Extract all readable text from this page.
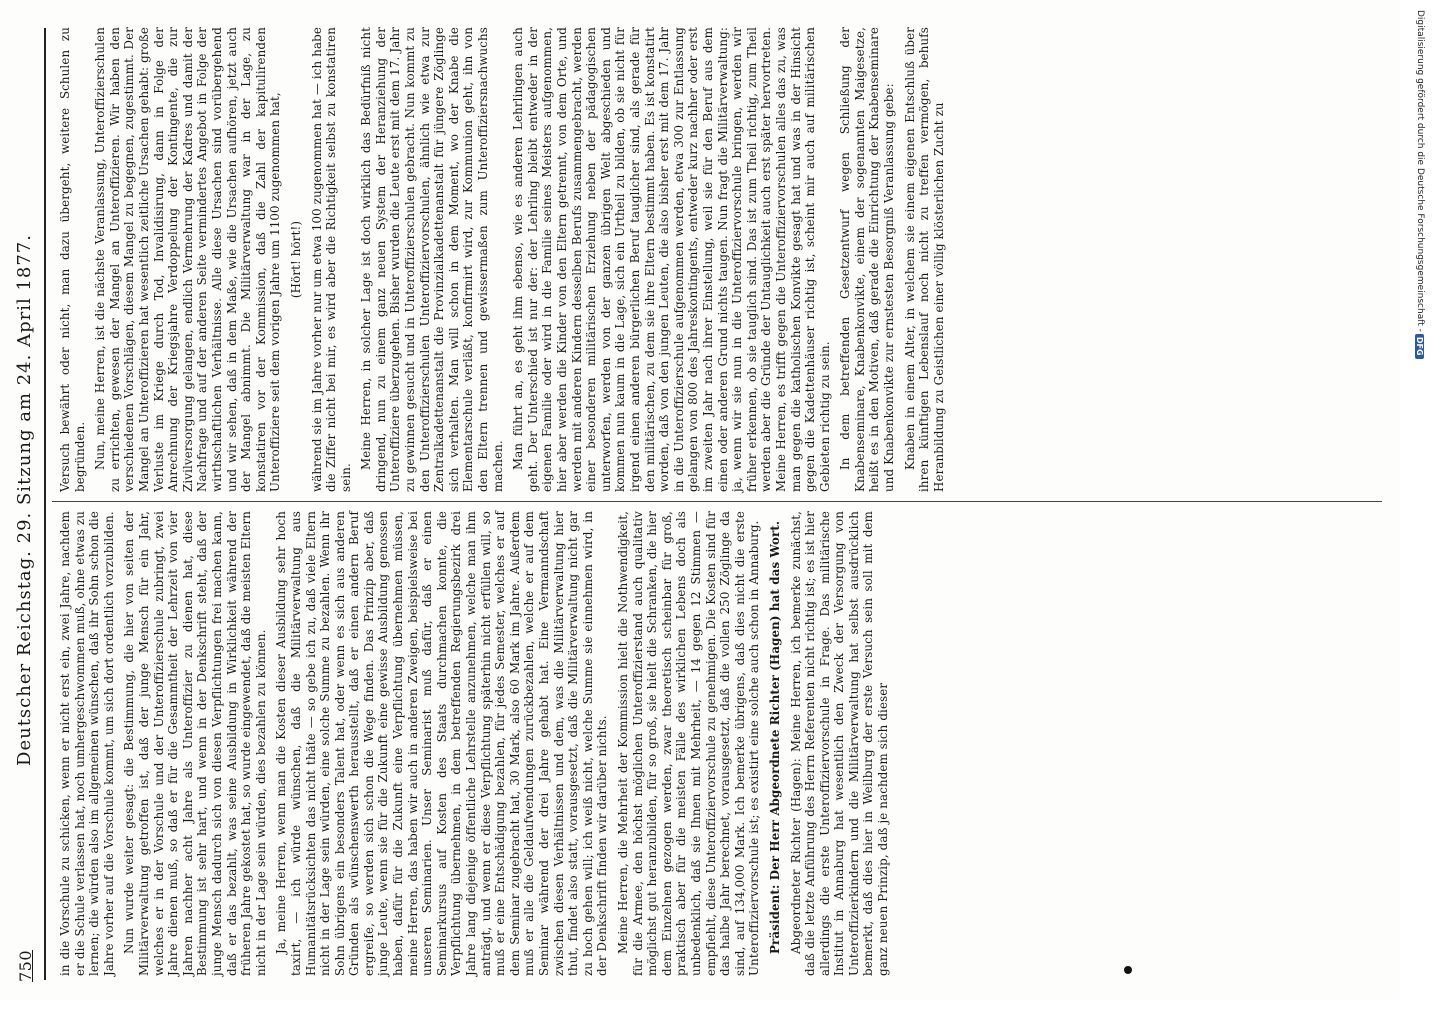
750
Deutscher Reichstag. 29. Sitzung am 24. April 1877. in die Vorschule zu schicken, wenn er nicht erst ein, zwei Jahre, nachdem er die Schule verlassen hat, noch umhergeschwommen muß, ohne etwas zu lernen; die würden also im allgemeinen wünschen, daß ihr Sohn schon die Jahre vorher auf die Vorschule kommt, um sich dort ordentlich vorzubilden. Nun wurde weiter gesagt: die Bestimmung, die hier von seiten der Militärverwaltung getroffen ist, daß der junge Mensch für ein Jahr, welches er in der Vorschule und der Unteroffizierschule zubringt, zwei Jahre dienen muß, so daß er für die Gesammtheit der Lehrzeit von vier Jahren nachher acht Jahre als Unteroffizier zu dienen hat, diese Bestimmung ist sehr hart, und wenn in der Denkschrift steht, daß der junge Mensch dadurch sich von diesen Verpflichtungen frei machen kann, daß er das bezahlt, was seine Ausbildung in Wirklichkeit während der früheren Jahre gekostet hat, so wurde eingewendet, daß die meisten Eltern nicht in der Lage sein würden, dies bezahlen zu können. Ja, meine Herren, wenn man die Kosten dieser Ausbildung sehr hoch taxirt, — ich würde wünschen, daß die Militärverwaltung aus Humanitätsrücksichten das nicht thäte — so gebe ich zu, daß viele Eltern nicht in der Lage sein würden, eine solche Summe zu bezahlen. Wenn ihr Sohn übrigens ein besonders Talent hat, oder wenn es sich aus anderen Gründen als wünschenswerth herausstellt, daß er einen andern Beruf ergreife, so werden sich schon die Wege finden. Das Prinzip aber, daß junge Leute, wenn sie für die Zukunft eine gewisse Ausbildung genossen haben, dafür für die Zukunft eine Verpflichtung übernehmen müssen, meine Herren, das haben wir auch in anderen Zweigen, beispielsweise bei unseren Seminarien. Unser Seminarist muß dafür, daß er einen Seminarkursus auf Kosten des Staats durchmachen konnte, die Verpflichtung übernehmen, in dem betreffenden Regierungsbezirk drei Jahre lang diejenige öffentliche Lehrstelle anzunehmen, welche man ihm anträgt, und wenn er diese Verpflichtung späterhin nicht erfüllen will, so muß er eine Entschädigung bezahlen, für jedes Semester, welches er auf dem Seminar zugebracht hat, 30 Mark, also 60 Mark im Jahre. Außerdem muß er alle die Geldaufwendungen zurückbezahlen, welche er auf dem Seminar während der drei Jahre gehabt hat. Eine Vermanndschaft zwischen diesen Verhältnissen und dem, was die Militärverwaltung hier thut, findet also statt, vorausgesetzt, daß die Militärverwaltung nicht gar zu hoch gehen will; ich weiß nicht, welche Summe sie einnehmen wird, in der Denkschrift finden wir darüber nichts. Meine Herren, die Mehrheit der Kommission hielt die Nothwendigkeit, für die Armee, den höchst möglichen Unteroffizierstand auch qualitativ möglichst gut heranzubilden, für so groß, sie hielt die Schranken, die hier dem Einzelnen gezogen werden, zwar theoretisch scheinbar für groß, praktisch aber für die meisten Fälle des wirklichen Lebens doch als unbedenklich, daß sie Ihnen mit Mehrheit, — 14 gegen 12 Stimmen — empfiehlt, diese Unteroffiziervorschule zu genehmigen. Die Kosten sind für das halbe Jahr berechnet, vorausgesetzt, daß die vollen 250 Zöglinge da sind, auf 134,000 Mark. Ich bemerke übrigens, daß dies nicht die erste Unteroffiziervorschule ist; es existirt eine solche auch schon in Annaburg. Präsident: Der Herr Abgeordnete Richter (Hagen) hat das Wort. Abgeordneter Richter (Hagen): Meine Herren, ich bemerke zunächst, daß die letzte Anführung des Herrn Referenten nicht richtig ist; es ist hier allerdings die erste Unteroffiziervorschule in Frage. Das militärische Institut in Annaburg hat wesentlich den Zweck der Versorgung von Unteroffizierkindern und die Militärverwaltung hat selbst ausdrücklich bemerkt, daß dies hier in Weilburg der erste Versuch sein soll mit dem ganz neuen Prinzip, daß je nachdem sich dieser

Versuch bewährt oder nicht, man dazu übergeht, weitere Schulen zu begründen. Nun, meine Herren, ist die nächste Veranlassung, Unteroffizierschulen zu errichten, gewesen der Mangel an Unteroffizieren. Wir haben den verschiedenen Vorschlägen, diesem Mangel zu begegnen, zugestimmt. Der Mangel an Unteroffizieren hat wesentlich zeitliche Ursachen gehabt: große Verluste im Kriege durch Tod, Invalidisirung, dann in Folge der Anrechnung der Kriegsjahre Verdoppelung der Kontingente, die zur Zivilversorgung gelangen, endlich Vermehrung der Kadres und damit der Nachfrage und auf der anderen Seite vermindertes Angebot in Folge der wirthschaftlichen Verhältnisse. Alle diese Ursachen sind vorübergehend und wir sehen, daß in dem Maße, wie die Ursachen aufhören, jetzt auch der Mangel abnimmt. Die Militärverwaltung war in der Lage, zu konstatiren vor der Kommission, daß die Zahl der kapitulirenden Unteroffiziere seit dem vorigen Jahre um 1100 zugenommen hat, (Hört! hört!) während sie im Jahre vorher nur um etwa 100 zugenommen hat — ich habe die Ziffer nicht bei mir, es wird aber die Richtigkeit selbst zu konstatiren sein.

Meine Herren, in solcher Lage ist doch wirklich das Bedürfniß nicht dringend, nun zu einem ganz neuen System der Heranziehung der Unteroffiziere überzugehen. Bisher wurden die Leute erst mit dem 17. Jahr zu gewinnen gesucht und in Unteroffizierschulen gebracht. Nun kommt zu den Unteroffizierschulen Unteroffiziervorschulen, ähnlich wie etwa zur Zentralkadettenanstalt die Provinzialkadettenanstalt für jüngere Zöglinge sich verhalten. Man will schon in dem Moment, wo der Knabe die Elementarschule verläßt, konfirmirt wird, zur Kommunion geht, ihn von den Eltern trennen und gewissermaßen zum Unteroffiziersnachwuchs machen. Man führt an, es geht ihm ebenso, wie es anderen Lehrlingen auch geht. Der Unterschied ist nur der: der Lehrling bleibt entweder in der eigenen Familie oder wird in die Familie seines Meisters aufgenommen, hier aber werden die Kinder von den Eltern getrennt, von dem Orte, und werden mit anderen Kindern desselben Berufs zusammengebracht, werden einer besonderen militärischen Erziehung neben der pädagogischen unterworfen, werden von der ganzen übrigen Welt abgeschieden und kommen nun kaum in die Lage, sich ein Urtheil zu bilden, ob sie nicht für irgend einen anderen bürgerlichen Beruf tauglicher sind, als gerade für den militärischen, zu dem sie ihre Eltern bestimmt haben. Es ist konstatirt worden, daß von den jungen Leuten, die also bisher erst mit dem 17. Jahr in die Unteroffizierschule aufgenommen werden, etwa 300 zur Entlassung gelangen von 800 des Jahreskontingents, entweder kurz nachher oder erst im zweiten Jahr nach ihrer Einstellung, weil sie für den Beruf aus dem einen oder anderen Grund nichts taugen. Nun fragt die Militärverwaltung: ja, wenn wir sie nun in die Unteroffiziervorschule bringen, werden wir früher erkennen, ob sie tauglich sind. Das ist zum Theil richtig, zum Theil werden aber die Gründe der Untauglichkeit auch erst später hervortreten. Meine Herren, es trifft gegen die Unteroffiziervorschulen alles das zu, was man gegen die katholischen Konvikte gesagt hat und was in der Hinsicht gegen die Kadettenhäuser richtig ist, scheint mir auch auf militärischen Gebieten richtig zu sein. In dem betreffenden Gesetzentwurf wegen Schließung der Knabenseminare, Knabenkonvikte, einem der sogenannten Maigesetze, heißt es in den Motiven, daß gerade die Einrichtung der Knabenseminare und Knabenkonvikte zur ernstesten Besorgniß Veranlassung gebe: Knaben in einem Alter, in welchem sie einem eigenen Entschluß über ihren künftigen Lebenslauf noch nicht zu treffen vermögen, behufs Heranbildung zu Geistlichen einer völlig klösterlichen Zucht zu	Digitalisierung gefördert durch die Deutsche Forschungsgemeinschaft -
DFG
